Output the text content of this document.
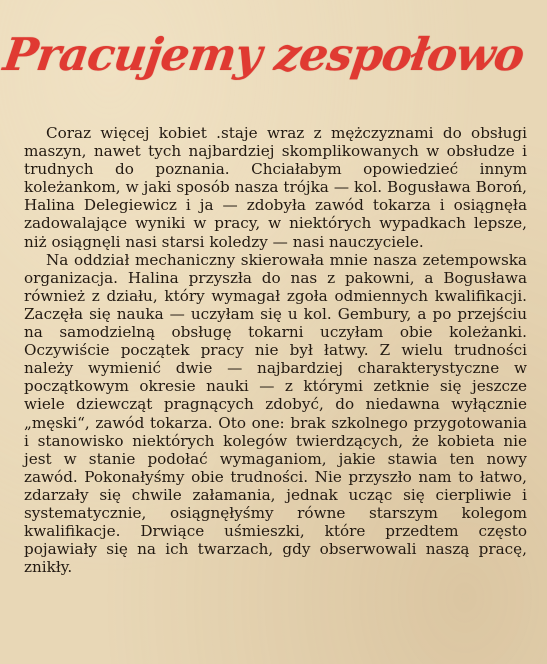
Pracujemy zespołowo

Coraz więcej kobiet .staje wraz z mężczyznami do obsługi maszyn, nawet tych najbardziej skomplikowanych w obsłudze i trudnych do poznania. Chciałabym opowiedzieć innym koleżankom, w jaki sposób nasza trójka — kol. Bogusława Boroń, Halina Delegiewicz i ja — zdobyła zawód tokarza i osiągnęła zadowalające wyniki w pracy, w niektórych wypadkach lepsze, niż osiągnęli nasi starsi koledzy — nasi nauczyciele.

Na oddział mechaniczny skierowała mnie nasza zetempowska organizacja. Halina przyszła do nas z pakowni, a Bogusława również z działu, który wymagał zgoła odmiennych kwalifikacji. Zaczęła się nauka — uczyłam się u kol. Gembury, a po przejściu na samodzielną obsługę tokarni uczyłam obie koleżanki. Oczywiście początek pracy nie był łatwy. Z wielu trudności należy wymienić dwie — najbardziej charakterystyczne w początkowym okresie nauki — z którymi zetknie się jeszcze wiele dziewcząt pragnących zdobyć, do niedawna wyłącznie „męski“, zawód tokarza. Oto one: brak szkolnego przygotowania i stanowisko niektórych kolegów twierdzących, że kobieta nie jest w stanie podołać wymaganiom, jakie stawia ten nowy zawód. Pokonałyśmy obie trudności. Nie przyszło nam to łatwo, zdarzały się chwile załamania, jednak ucząc się cierpliwie i systematycznie, osiągnęłyśmy równe starszym kolegom kwalifikacje. Drwiące uśmieszki, które przedtem często pojawiały się na ich twarzach, gdy obserwowali naszą pracę, znikły.
